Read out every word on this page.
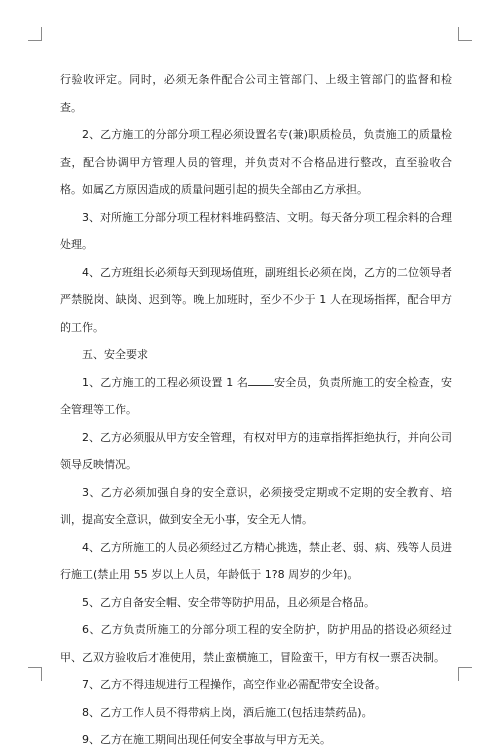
行验收评定。同时，必须无条件配合公司主管部门、上级主管部门的监督和检查。

2、乙方施工的分部分项工程必须设置名专(兼)职质检员，负责施工的质量检查，配合协调甲方管理人员的管理，并负责对不合格品进行整改，直至验收合格。如属乙方原因造成的质量问题引起的损失全部由乙方承担。

3、对所施工分部分项工程材料堆码整洁、文明。每天备分项工程余料的合理处理。

4、乙方班组长必须每天到现场值班，副班组长必须在岗，乙方的二位领导者严禁脱岗、缺岗、迟到等。晚上加班时，至少不少于 1 人在现场指挥，配合甲方的工作。

五、安全要求

1、乙方施工的工程必须设置 1 名 安全员，负责所施工的安全检查，安全管理等工作。

2、乙方必须服从甲方安全管理，有权对甲方的违章指挥拒绝执行，并向公司领导反映情况。

3、乙方必须加强自身的安全意识，必须接受定期或不定期的安全教育、培训，提高安全意识，做到安全无小事，安全无人情。

4、乙方所施工的人员必须经过乙方精心挑选，禁止老、弱、病、残等人员进行施工(禁止用 55 岁以上人员，年龄低于 1?8 周岁的少年)。

5、乙方自备安全帽、安全带等防护用品，且必须是合格品。

6、乙方负责所施工的分部分项工程的安全防护，防护用品的搭设必须经过甲、乙双方验收后才准使用，禁止蛮横施工，冒险蛮干，甲方有权一票否决制。

7、乙方不得违规进行工程操作，高空作业必需配带安全设备。

8、乙方工作人员不得带病上岗，酒后施工(包括违禁药品)。

9、乙方在施工期间出现任何安全事故与甲方无关。
